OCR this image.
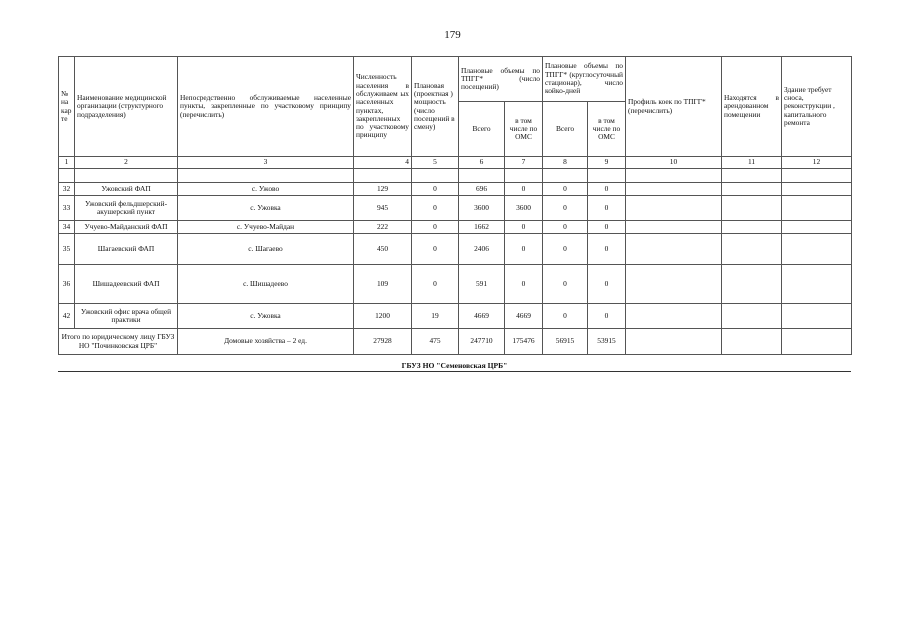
179
№ на кар те	Наименование медицинской организации (структурного подразделения)	Непосредственно обслуживаемые населенные пункты, закрепленные по участковому принципу (перечислить)	Численность населения в обслуживаем ых населенных пунктах, закрепленных по участковому принципу	Плановая (проектная ) мощность (число посещений в смену)	Плановые объемы по ТПГГ* (число посещений)		Плановые объемы по ТПГГ* (круглосуточный стационар), число койко-дней		Профиль коек по ТПГГ* (перечислить)	Находятся в арендованном помещении	Здание требует сноса, реконструкции , капитального ремонта
					Всего	в том числе по ОМС	Всего	в том числе по ОМС			
1	2	3	4	5	6	7	8	9	10	11	12

32	Ужовский ФАП	с. Ужово	129	0	696	0	0	0			
33	Ужовский фельдшерский-акушерский пункт	с. Ужовка	945	0	3600	3600	0	0			
34	Учуево-Майданский ФАП	с. Учуево-Майдан	222	0	1662	0	0	0			
35	Шагаевский ФАП	с. Шагаево	450	0	2406	0	0	0			
36	Шишадеевский ФАП	с. Шишадеево	109	0	591	0	0	0			
42	Ужовский офис врача общей практики	с. Ужовка	1200	19	4669	4669	0	0			
Итого по юридическому лицу ГБУЗ НО "Починковская ЦРБ"		Домовые хозяйства – 2 ед.	27928	475	247710	175476	56915	53915			
ГБУЗ НО "Семеновская ЦРБ"
